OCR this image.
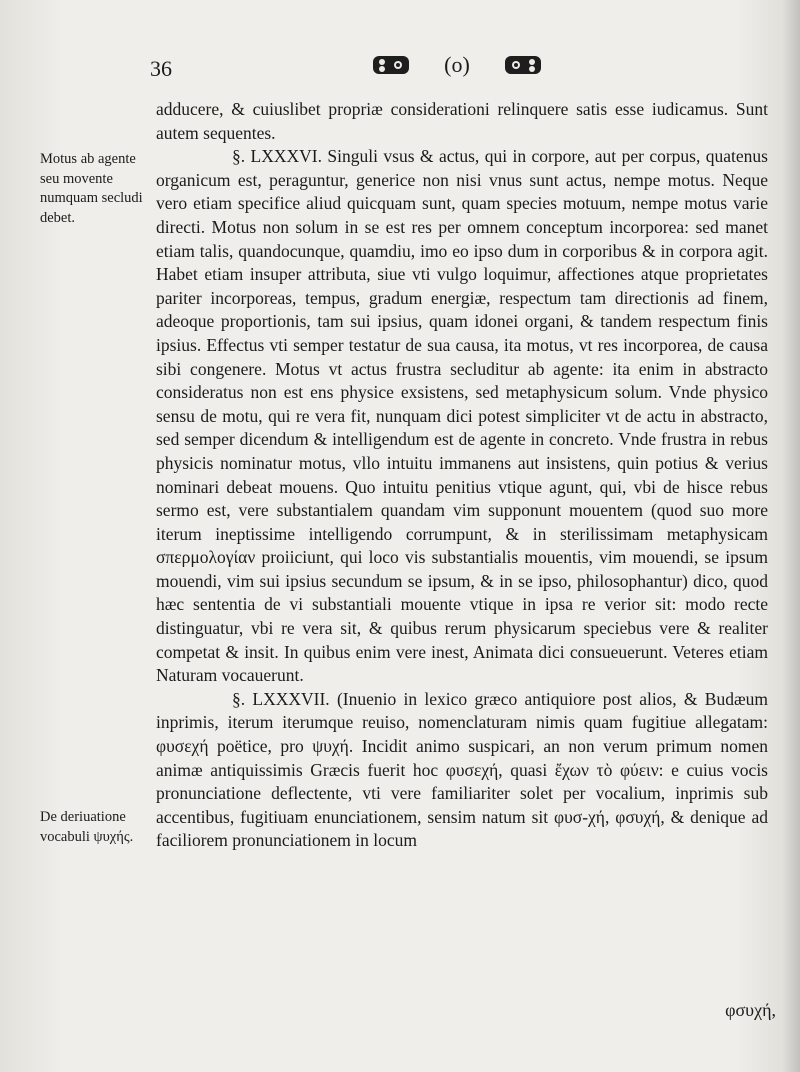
36	(o)
Motus ab agente seu movente numquam secludi debet.
De deriuatione vocabuli ψυχής.

adducere, & cuiuslibet propriæ considerationi relinquere satis esse iudicamus. Sunt autem sequentes.

§. LXXXVI. Singuli vsus & actus, qui in corpore, aut per corpus, quatenus organicum est, peraguntur, generice non nisi vnus sunt actus, nempe motus. Neque vero etiam specifice aliud quicquam sunt, quam species motuum, nempe motus varie directi. Motus non solum in se est res per omnem conceptum incorporea: sed manet etiam talis, quandocunque, quamdiu, imo eo ipso dum in corporibus & in corpora agit. Habet etiam insuper attributa, siue vti vulgo loquimur, affectiones atque proprietates pariter incorporeas, tempus, gradum energiæ, respectum tam directionis ad finem, adeoque proportionis, tam sui ipsius, quam idonei organi, & tandem respectum finis ipsius. Effectus vti semper testatur de sua causa, ita motus, vt res incorporea, de causa sibi congenere. Motus vt actus frustra secluditur ab agente: ita enim in abstracto consideratus non est ens physice exsistens, sed metaphysicum solum. Vnde physico sensu de motu, qui re vera fit, nunquam dici potest simpliciter vt de actu in abstracto, sed semper dicendum & intelligendum est de agente in concreto. Vnde frustra in rebus physicis nominatur motus, vllo intuitu immanens aut insistens, quin potius & verius nominari debeat mouens. Quo intuitu penitius vtique agunt, qui, vbi de hisce rebus sermo est, vere substantialem quandam vim supponunt mouentem (quod suo more iterum ineptissime intelligendo corrumpunt, & in sterilissimam metaphysicam σπερμολογίαν proiiciunt, qui loco vis substantialis mouentis, vim mouendi, se ipsum mouendi, vim sui ipsius secundum se ipsum, & in se ipso, philosophantur) dico, quod hæc sententia de vi substantiali mouente vtique in ipsa re verior sit: modo recte distinguatur, vbi re vera sit, & quibus rerum physicarum speciebus vere & realiter competat & insit. In quibus enim vere inest, Animata dici consueuerunt. Veteres etiam Naturam vocauerunt.

§. LXXXVII. (Inuenio in lexico græco antiquiore post alios, & Budæum inprimis, iterum iterumque reuiso, nomenclaturam nimis quam fugitiue allegatam: φυσεχή poëtice, pro ψυχή. Incidit animo suspicari, an non verum primum nomen animæ antiquissimis Græcis fuerit hoc φυσεχή, quasi ἔχων τὸ φύειν: e cuius vocis pronunciatione deflectente, vti vere familiariter solet per vocalium, inprimis sub accentibus, fugitiuam enunciationem, sensim natum sit φυσ-χή, φσυχή, & denique ad faciliorem pronunciationem in locum

φσυχή,
